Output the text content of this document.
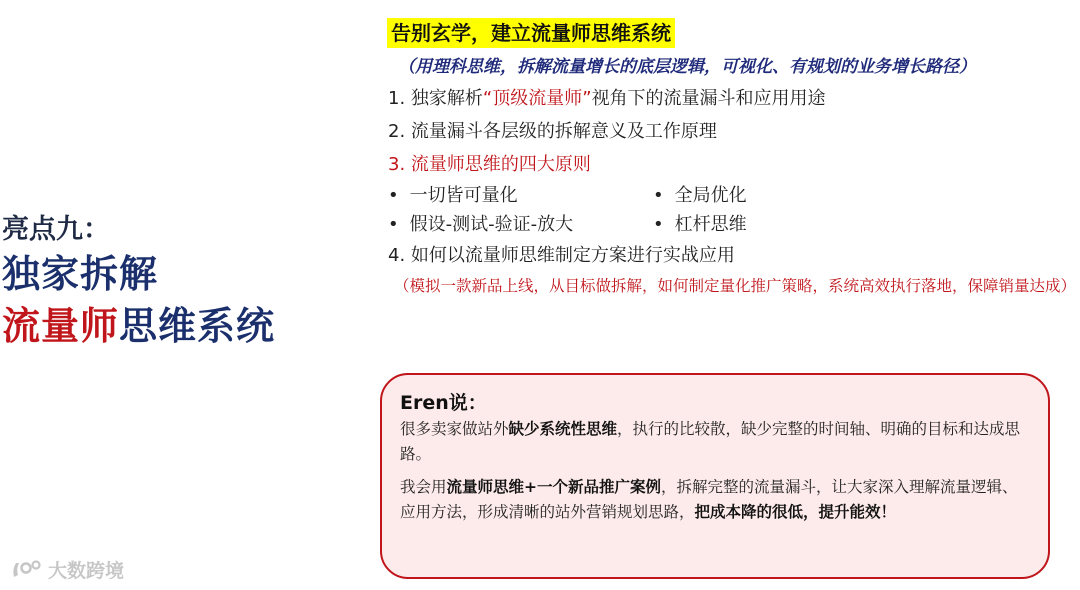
亮点九：
独家拆解
流量师思维系统
大数跨境
告别玄学，建立流量师思维系统
（用理科思维，拆解流量增长的底层逻辑，可视化、有规划的业务增长路径）
1. 独家解析“顶级流量师”视角下的流量漏斗和应用用途
2. 流量漏斗各层级的拆解意义及工作原理
3. 流量师思维的四大原则
• 一切皆可量化	• 全局优化
• 假设-测试-验证-放大	• 杠杆思维
4. 如何以流量师思维制定方案进行实战应用
（模拟一款新品上线，从目标做拆解，如何制定量化推广策略，系统高效执行落地，保障销量达成）
Eren说：

很多卖家做站外缺少系统性思维，执行的比较散，缺少完整的时间轴、明确的目标和达成思路。

我会用流量师思维+一个新品推广案例，拆解完整的流量漏斗，让大家深入理解流量逻辑、应用方法，形成清晰的站外营销规划思路，把成本降的很低，提升能效！
